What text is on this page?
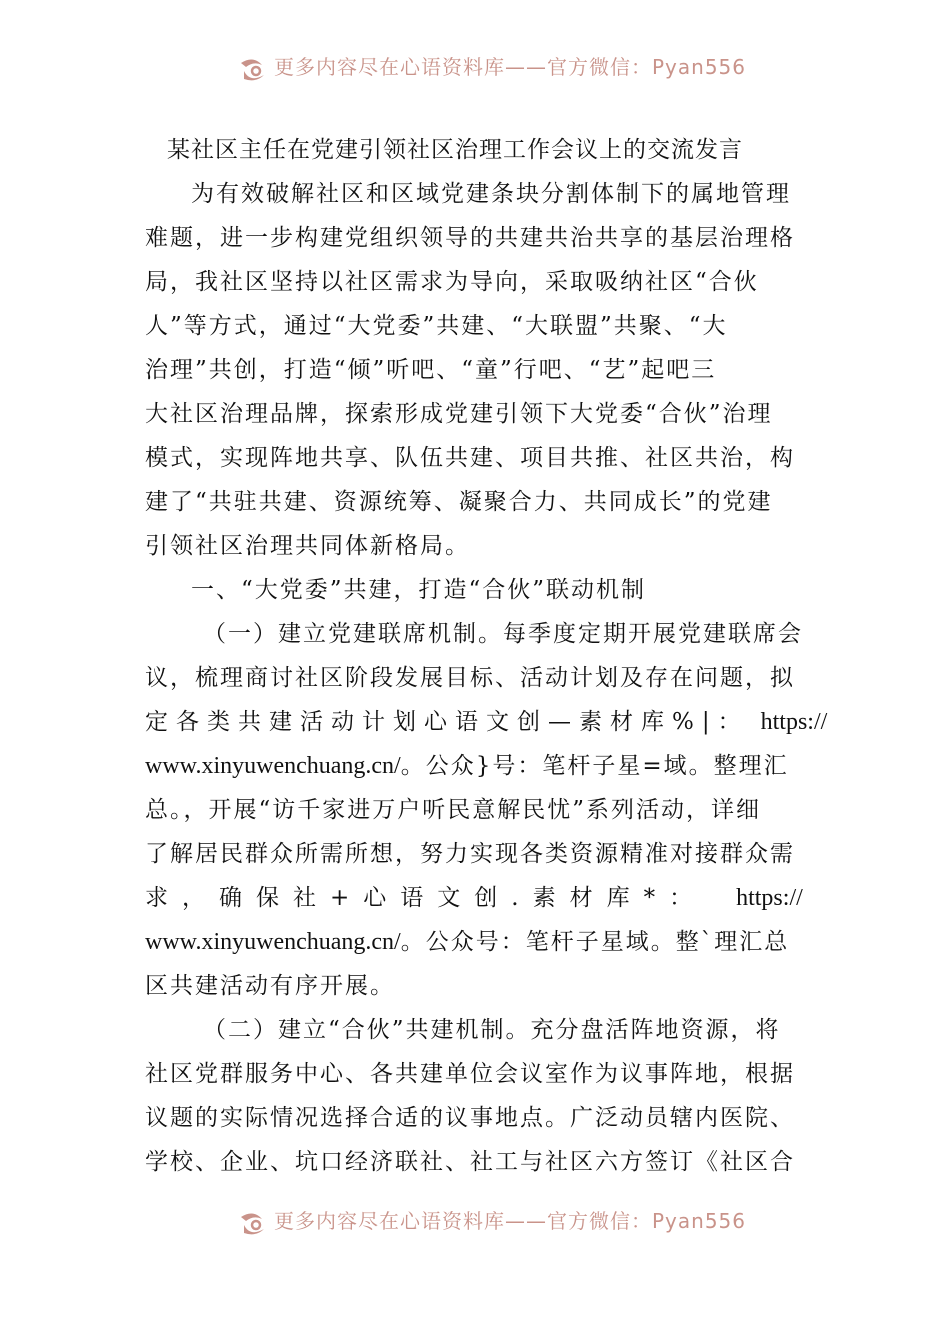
更多内容尽在心语资料库——官方微信：Pyan556

某社区主任在党建引领社区治理工作会议上的交流发言

为有效破解社区和区域党建条块分割体制下的属地管理
难题，进一步构建党组织领导的共建共治共享的基层治理格
局，我社区坚持以社区需求为导向，采取吸纳社区“合伙
人”等方式，通过“大党委”共建、“大联盟”共聚、“大
治理”共创，打造“倾”听吧、“童”行吧、“艺”起吧三
大社区治理品牌，探索形成党建引领下大党委“合伙”治理
模式，实现阵地共享、队伍共建、项目共推、社区共治，构
建了“共驻共建、资源统筹、凝聚合力、共同成长”的党建
引领社区治理共同体新格局。
一、“大党委”共建，打造“合伙”联动机制
（一）建立党建联席机制。每季度定期开展党建联席会
议，梳理商讨社区阶段发展目标、活动计划及存在问题，拟
定各类共建活动计划心语文创—素材库%|： https://
www.xinyuwenchuang.cn/。公众}号：笔杆子星=域。整理汇
总。，开展“访千家进万户听民意解民忧”系列活动，详细
了解居民群众所需所想，努力实现各类资源精准对接群众需
求，确保社+心语文创.素材库*： https://
www.xinyuwenchuang.cn/。公众号：笔杆子星域。整`理汇总
区共建活动有序开展。
（二）建立“合伙”共建机制。充分盘活阵地资源，将
社区党群服务中心、各共建单位会议室作为议事阵地，根据
议题的实际情况选择合适的议事地点。广泛动员辖内医院、
学校、企业、坑口经济联社、社工与社区六方签订《社区合
更多内容尽在心语资料库——官方微信：Pyan556
